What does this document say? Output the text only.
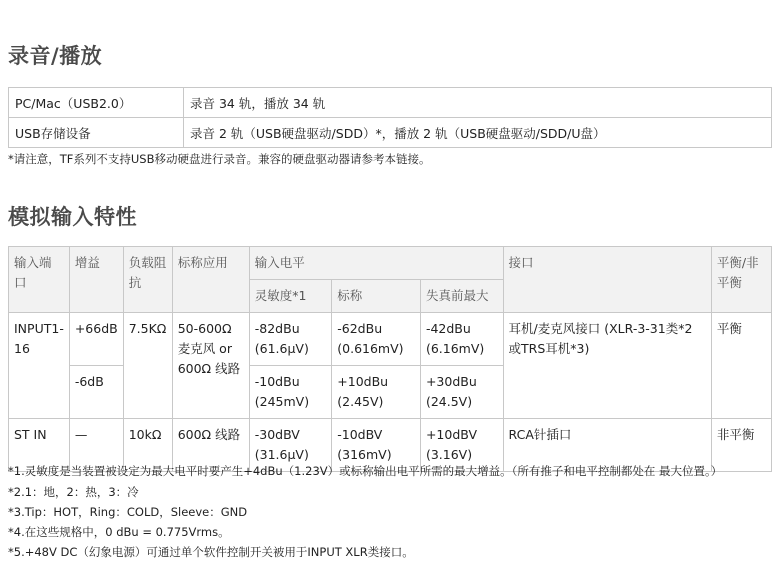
录音/播放
PC/Mac（USB2.0）	录音 34 轨，播放 34 轨
USB存储设备	录音 2 轨（USB硬盘驱动/SDD）*，播放 2 轨（USB硬盘驱动/SDD/U盘）
*请注意，TF系列不支持USB移动硬盘进行录音。兼容的硬盘驱动器请参考本链接。
模拟输入特性
输入端口	增益	负载阻抗	标称应用	输入电平			接口	平衡/非平衡
				灵敏度*1	标称	失真前最大		
INPUT1-16	+66dB	7.5KΩ	50-600Ω 麦克风 or 600Ω 线路	-82dBu (61.6μV)	-62dBu (0.616mV)	-42dBu (6.16mV)	耳机/麦克风接口 (XLR-3-31类*2 或TRS耳机*3)	平衡
	-6dB			-10dBu (245mV)	+10dBu (2.45V)	+30dBu (24.5V)		
ST IN	—	10kΩ	600Ω 线路	-30dBV (31.6μV)	-10dBV (316mV)	+10dBV (3.16V)	RCA针插口	非平衡
*1.灵敏度是当装置被设定为最大电平时要产生+4dBu（1.23V）或标称输出电平所需的最大增益。（所有推子和电平控制都处在 最大位置。）
*2.1：地，2：热，3：冷
*3.Tip：HOT，Ring：COLD，Sleeve：GND
*4.在这些规格中，0 dBu = 0.775Vrms。
*5.+48V DC（幻象电源）可通过单个软件控制开关被用于INPUT XLR类接口。
